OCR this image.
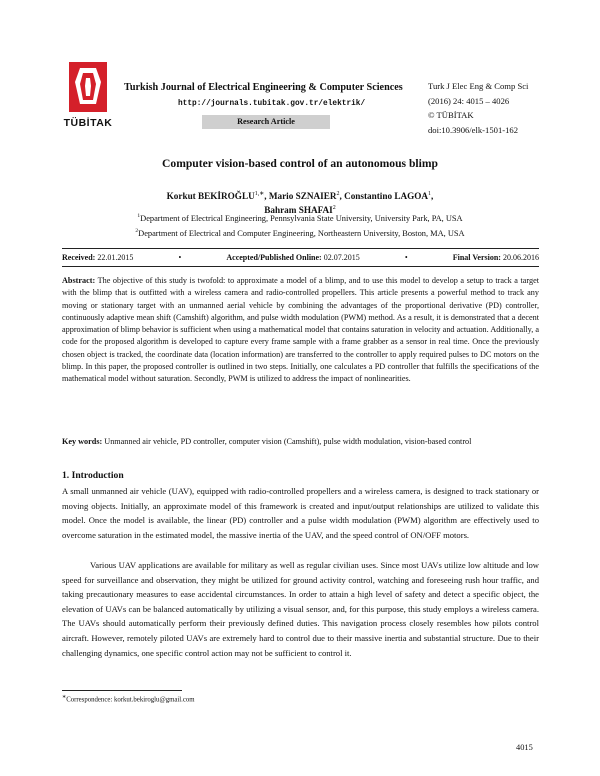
TÜBİTAK
Turkish Journal of Electrical Engineering & Computer Sciences
http://journals.tubitak.gov.tr/elektrik/
Research Article
Turk J Elec Eng & Comp Sci
(2016) 24: 4015 – 4026
© TÜBİTAK
doi:10.3906/elk-1501-162
Computer vision-based control of an autonomous blimp
Korkut $BEKİROĞLU^{1,∗}$, Mario SZNAIER$^2$, Constantino LAGOA$^1$,
Bahram SHAFAI$^2$
$^1$Department of Electrical Engineering, Pennsylvania State University, University Park, PA, USA
$^2$Department of Electrical and Computer Engineering, Northeastern University, Boston, MA, USA
Received: 22.01.2015	•	Accepted/Published Online: 02.07.2015	•	Final Version: 20.06.2016
Abstract: The objective of this study is twofold: to approximate a model of a blimp, and to use this model to develop a setup to track a target with the blimp that is outfitted with a wireless camera and radio-controlled propellers. This article presents a powerful method to track any moving or stationary target with an unmanned aerial vehicle by combining the advantages of the proportional derivative (PD) controller, continuously adaptive mean shift (Camshift) algorithm, and pulse width modulation (PWM) method. As a result, it is demonstrated that a decent approximation of blimp behavior is sufficient when using a mathematical model that contains saturation in velocity and actuation. Additionally, a code for the proposed algorithm is developed to capture every frame sample with a frame grabber as a sensor in real time. Once the previously chosen object is tracked, the coordinate data (location information) are transferred to the controller to apply required pulses to DC motors on the blimp. In this paper, the proposed controller is outlined in two steps. Initially, one calculates a PD controller that fulfills the specifications of the mathematical model without saturation. Secondly, PWM is utilized to address the impact of nonlinearities.
Key words: Unmanned air vehicle, PD controller, computer vision (Camshift), pulse width modulation, vision-based control
1. Introduction
A small unmanned air vehicle (UAV), equipped with radio-controlled propellers and a wireless camera, is designed to track stationary or moving objects. Initially, an approximate model of this framework is created and input/output relationships are utilized to validate this model. Once the model is available, the linear (PD) controller and a pulse width modulation (PWM) algorithm are effectively used to overcome saturation in the estimated model, the massive inertia of the UAV, and the speed control of ON/OFF motors.
Various UAV applications are available for military as well as regular civilian uses. Since most UAVs utilize low altitude and low speed for surveillance and observation, they might be utilized for ground activity control, watching and foreseeing rush hour traffic, and taking precautionary measures to ease accidental circumstances. In order to attain a high level of safety and detect a specific object, the elevation of UAVs can be balanced automatically by utilizing a visual sensor, and, for this purpose, this study employs a wireless camera. The UAVs should automatically perform their previously defined duties. This navigation process closely resembles how pilots control aircraft. However, remotely piloted UAVs are extremely hard to control due to their massive inertia and substantial structure. Due to their challenging dynamics, one specific control action may not be sufficient to control it.
∗Correspondence: korkut.bekiroglu@gmail.com
4015
